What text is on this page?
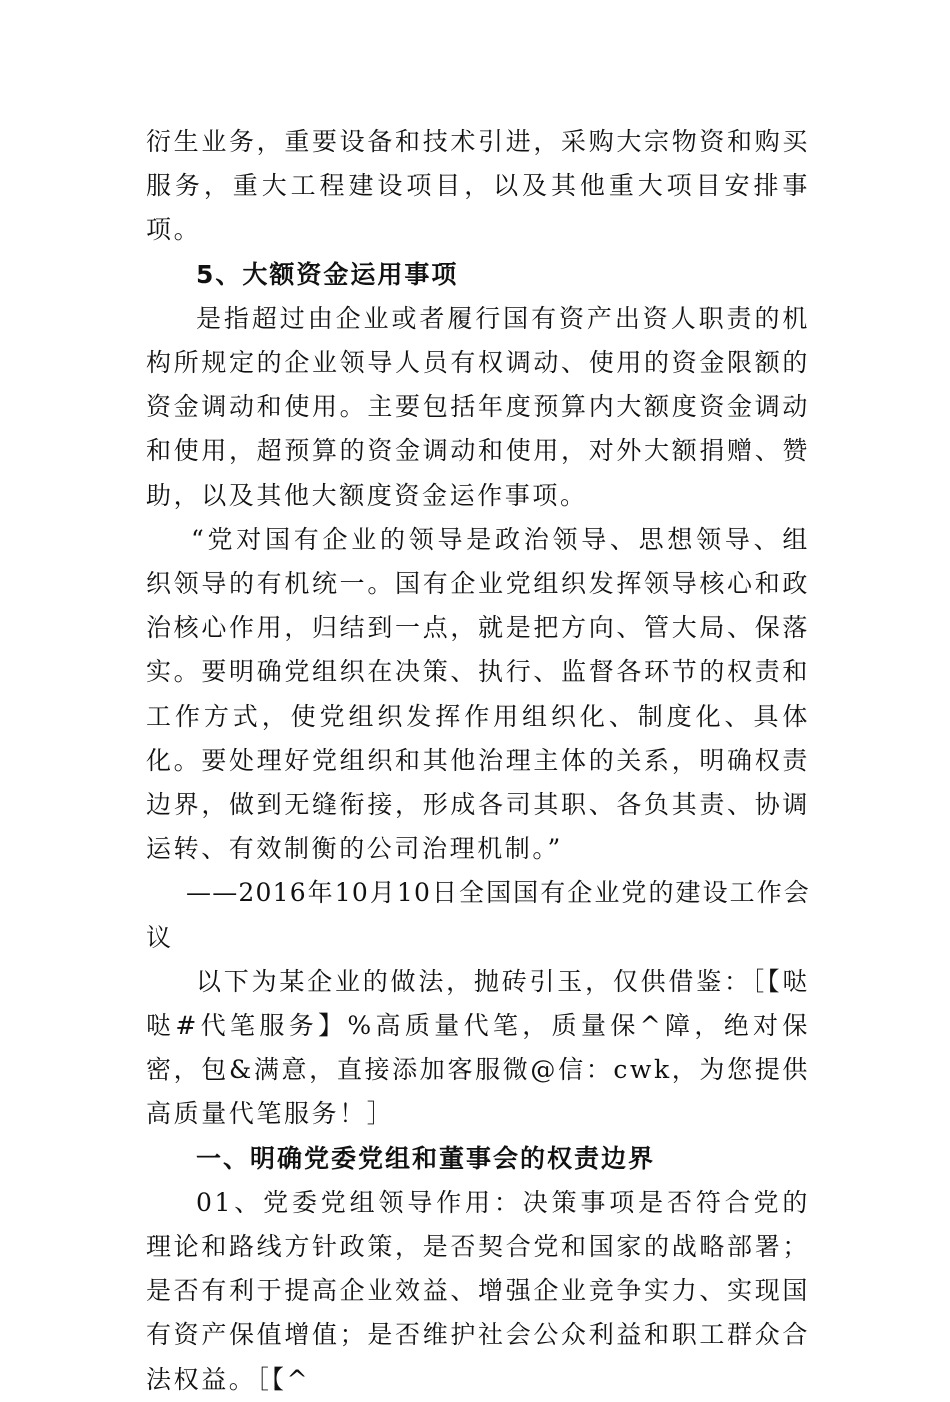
衍生业务，重要设备和技术引进，采购大宗物资和购买服务，重大工程建设项目，以及其他重大项目安排事项。

5、大额资金运用事项

是指超过由企业或者履行国有资产出资人职责的机构所规定的企业领导人员有权调动、使用的资金限额的资金调动和使用。主要包括年度预算内大额度资金调动和使用，超预算的资金调动和使用，对外大额捐赠、赞助，以及其他大额度资金运作事项。

“党对国有企业的领导是政治领导、思想领导、组织领导的有机统一。国有企业党组织发挥领导核心和政治核心作用，归结到一点，就是把方向、管大局、保落实。要明确党组织在决策、执行、监督各环节的权责和工作方式，使党组织发挥作用组织化、制度化、具体化。要处理好党组织和其他治理主体的关系，明确权责边界，做到无缝衔接，形成各司其职、各负其责、协调运转、有效制衡的公司治理机制。”

——2016年10月10日全国国有企业党的建设工作会议

以下为某企业的做法，抛砖引玉，仅供借鉴：［【哒哒#代笔服务】%高质量代笔，质量保^障，绝对保密，包&满意，直接添加客服微@信：cwk，为您提供高质量代笔服务！］

一、明确党委党组和董事会的权责边界

01、党委党组领导作用：决策事项是否符合党的理论和路线方针政策，是否契合党和国家的战略部署；是否有利于提高企业效益、增强企业竞争实力、实现国有资产保值增值；是否维护社会公众利益和职工群众合法权益。［【^
